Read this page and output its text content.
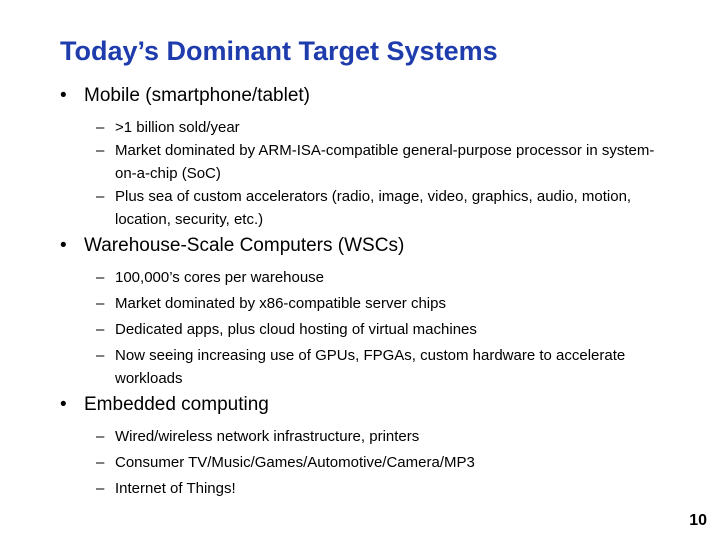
Today’s Dominant Target Systems
• Mobile (smartphone/tablet)
– >1 billion sold/year
– Market dominated by ARM-ISA-compatible general-purpose processor in system-on-a-chip (SoC)
– Plus sea of custom accelerators (radio, image, video, graphics, audio, motion, location, security, etc.)
• Warehouse-Scale Computers (WSCs)
– 100,000’s cores per warehouse
– Market dominated by x86-compatible server chips
– Dedicated apps, plus cloud hosting of virtual machines
– Now seeing increasing use of GPUs, FPGAs, custom hardware to accelerate workloads
• Embedded computing
– Wired/wireless network infrastructure, printers
– Consumer TV/Music/Games/Automotive/Camera/MP3
– Internet of Things!
10
